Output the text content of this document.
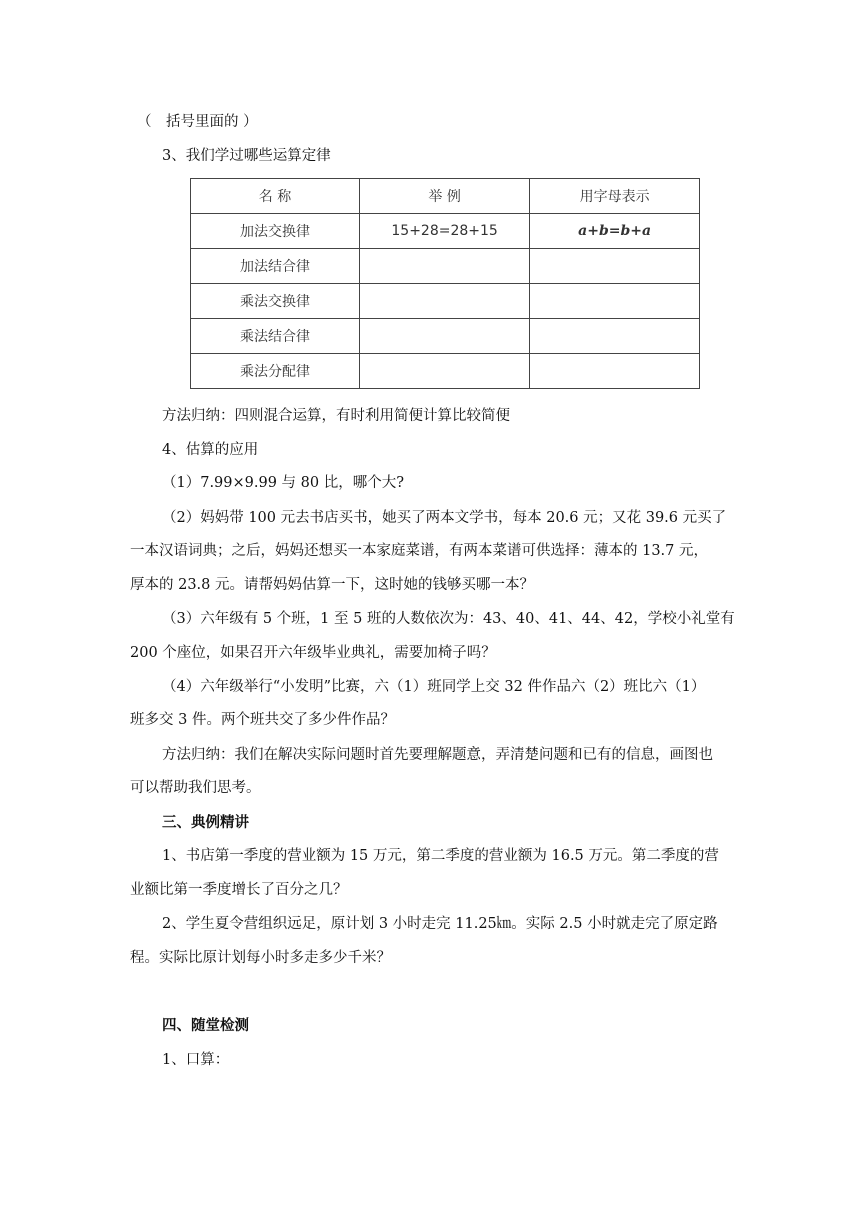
（　括号里面的 ）
3、我们学过哪些运算定律
名 称	举 例	用字母表示
加法交换律	15+28=28+15	a+b=b+a
加法结合律		
乘法交换律		
乘法结合律		
乘法分配律		
方法归纳：四则混合运算，有时利用简便计算比较简便
4、估算的应用
（1）7.99×9.99 与 80 比，哪个大?
（2）妈妈带 100 元去书店买书，她买了两本文学书，每本 20.6 元；又花 39.6 元买了
一本汉语词典；之后，妈妈还想买一本家庭菜谱，有两本菜谱可供选择：薄本的 13.7 元，
厚本的 23.8 元。请帮妈妈估算一下，这时她的钱够买哪一本？
（3）六年级有 5 个班，1 至 5 班的人数依次为：43、40、41、44、42，学校小礼堂有
200 个座位，如果召开六年级毕业典礼，需要加椅子吗？
（4）六年级举行“小发明”比赛，六（1）班同学上交 32 件作品六（2）班比六（1）
班多交 3 件。两个班共交了多少件作品？
方法归纳：我们在解决实际问题时首先要理解题意，弄清楚问题和已有的信息，画图也
可以帮助我们思考。
三、典例精讲
1、书店第一季度的营业额为 15 万元，第二季度的营业额为 16.5 万元。第二季度的营
业额比第一季度增长了百分之几？
2、学生夏令营组织远足，原计划 3 小时走完 11.25㎞。实际 2.5 小时就走完了原定路
程。实际比原计划每小时多走多少千米？
四、随堂检测
1、口算：
